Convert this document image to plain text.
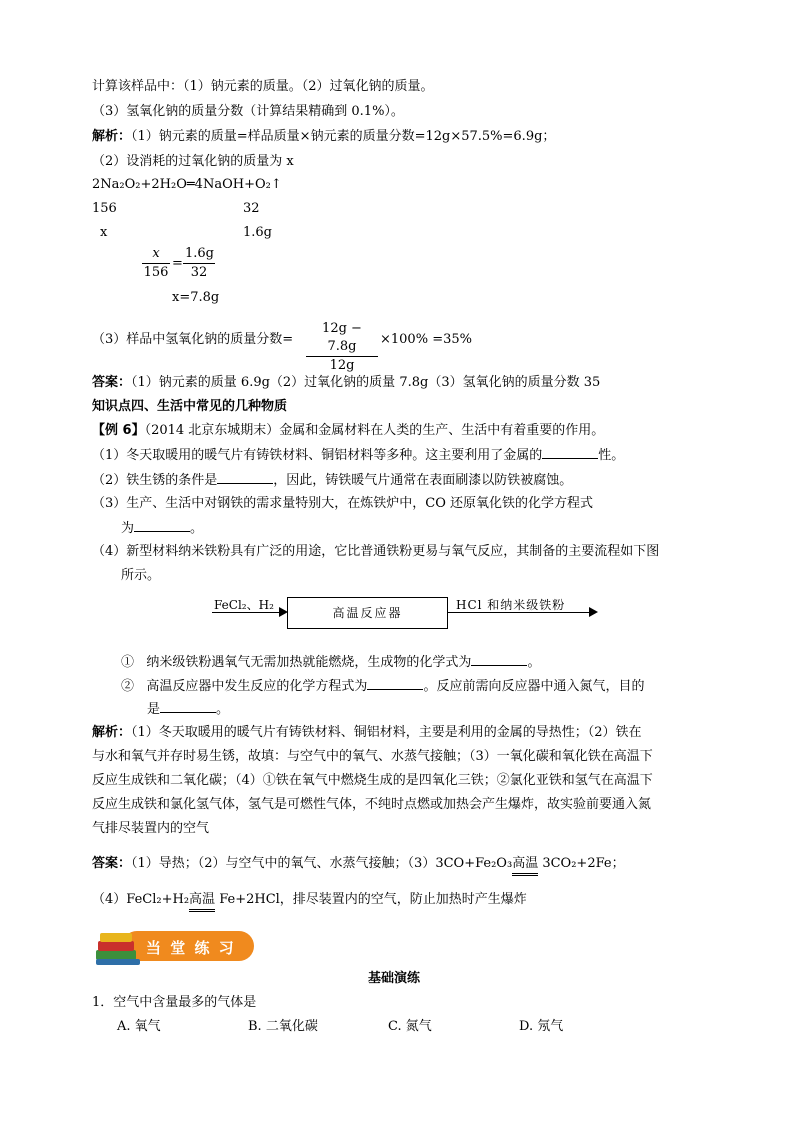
计算该样品中：（1）钠元素的质量。（2）过氧化钠的质量。
（3）氢氧化钠的质量分数（计算结果精确到 0.1%）。
解析：（1）钠元素的质量=样品质量×钠元素的质量分数=12g×57.5%=6.9g；
（2）设消耗的过氧化钠的质量为 x
2Na₂O₂+2H₂O═4NaOH+O₂↑
156	32
x	1.6g
$\frac{x}{156} = \frac{1.6g}{32}$
x=7.8g
（3）样品中氢氧化钠的质量分数= $\frac{12g - 7.8g}{12g} \times 100\% =35\%$
答案：（1）钠元素的质量 6.9g（2）过氧化钠的质量 7.8g（3）氢氧化钠的质量分数 35
知识点四、生活中常见的几种物质
【例 6】（2014 北京东城期末）金属和金属材料在人类的生产、生活中有着重要的作用。
（1）冬天取暖用的暖气片有铸铁材料、铜铝材料等多种。这主要利用了金属的	性。
（2）铁生锈的条件是	，因此，铸铁暖气片通常在表面刷漆以防铁被腐蚀。
（3）生产、生活中对钢铁的需求量特别大，在炼铁炉中，CO 还原氧化铁的化学方程式
为	。
（4）新型材料纳米铁粉具有广泛的用途，它比普通铁粉更易与氧气反应，其制备的主要流程如下图
所示。
FeCl₂、H₂
高温反应器
HCl 和纳米级铁粉
① 纳米级铁粉遇氧气无需加热就能燃烧，生成物的化学式为	。
② 高温反应器中发生反应的化学方程式为	。反应前需向反应器中通入氮气，目的
是	。
解析：（1）冬天取暖用的暖气片有铸铁材料、铜铝材料，主要是利用的金属的导热性；（2）铁在
与水和氧气并存时易生锈，故填：与空气中的氧气、水蒸气接触；（3）一氧化碳和氧化铁在高温下
反应生成铁和二氧化碳；（4）①铁在氧气中燃烧生成的是四氧化三铁；②氯化亚铁和氢气在高温下
反应生成铁和氯化氢气体，氢气是可燃性气体，不纯时点燃或加热会产生爆炸，故实验前要通入氮
气排尽装置内的空气
答案：（1）导热；（2）与空气中的氧气、水蒸气接触；（3）3CO+Fe₂O₃高温 3CO₂+2Fe；
（4）FeCl₂+H₂高温 Fe+2HCl，排尽装置内的空气，防止加热时产生爆炸
当 堂 练 习
基础演练
1．空气中含量最多的气体是
A. 氧气	B. 二氧化碳	C. 氮气	D. 氖气
